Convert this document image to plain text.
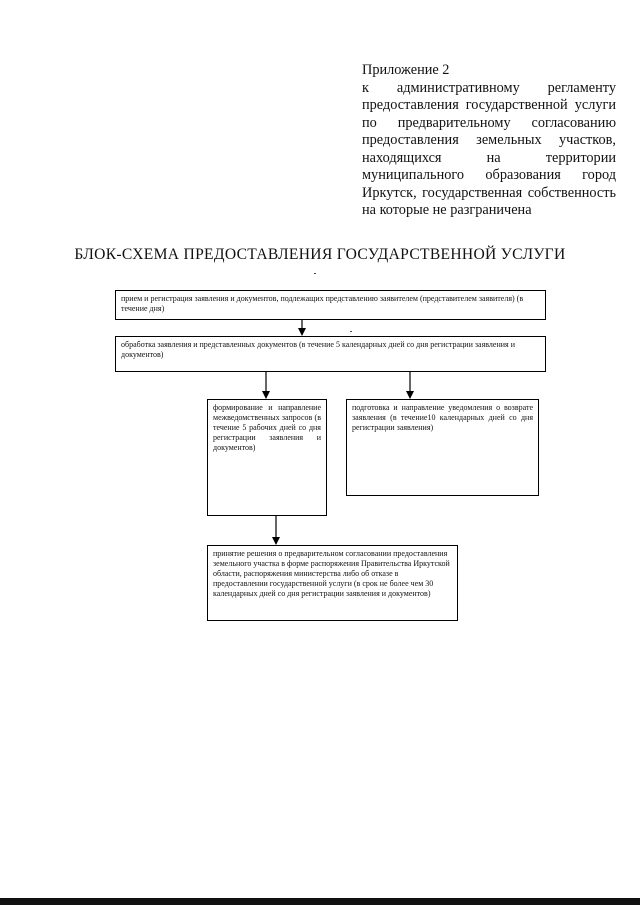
Приложение 2
к административному регламенту предоставления государственной услуги по предварительному согласованию предоставления земельных участков, находящихся на территории муниципального образования город Иркутск, государственная собственность на которые не разграничена
БЛОК-СХЕМА ПРЕДОСТАВЛЕНИЯ ГОСУДАРСТВЕННОЙ УСЛУГИ
прием и регистрация заявления и документов, подлежащих представлению заявителем (представителем заявителя) (в течение дня)
обработка заявления и представленных документов (в течение 5 календарных дней со дня регистрации заявления и документов)
формирование и направление межведомственных запросов (в течение 5 рабочих дней со дня регистрации заявления и документов)
подготовка и направление уведомления о возврате заявления (в течение10 календарных дней со дня регистрации заявления)
принятие решения о предварительном согласовании предоставления земельного участка в форме распоряжения Правительства Иркутской области, распоряжения министерства либо об отказе в предоставлении государственной услуги (в срок не более чем 30 календарных дней со дня регистрации заявления и документов)
